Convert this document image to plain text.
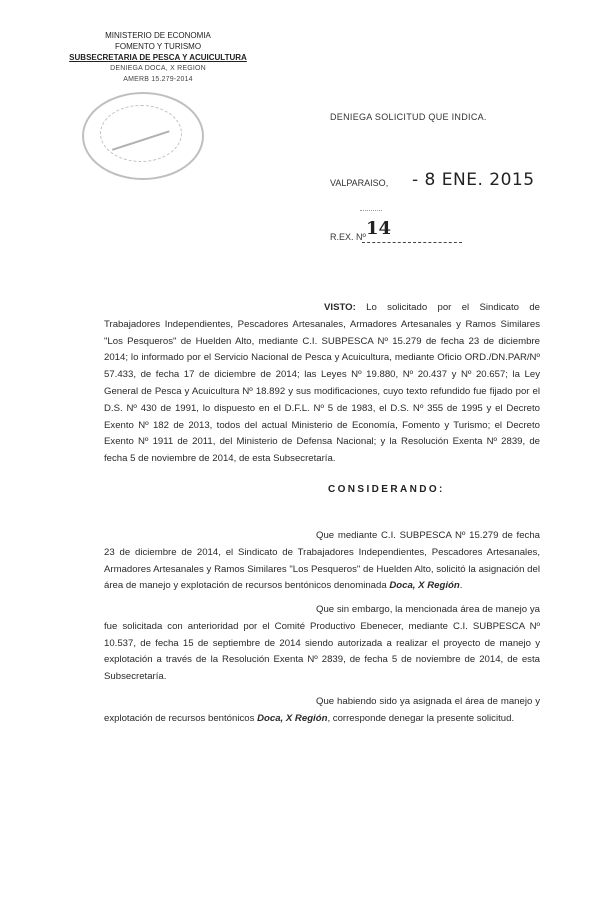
MINISTERIO DE ECONOMIA
FOMENTO Y TURISMO
SUBSECRETARIA DE PESCA Y ACUICULTURA
DENIEGA DOCA, X REGION
AMERB 15.279-2014
DENIEGA SOLICITUD QUE INDICA.
VALPARAISO, - 8 ENE. 2015
R.EX. Nº 14
VISTO: Lo solicitado por el Sindicato de Trabajadores Independientes, Pescadores Artesanales, Armadores Artesanales y Ramos Similares "Los Pesqueros" de Huelden Alto, mediante C.I. SUBPESCA Nº 15.279 de fecha 23 de diciembre 2014; lo informado por el Servicio Nacional de Pesca y Acuicultura, mediante Oficio ORD./DN.PAR/Nº 57.433, de fecha 17 de diciembre de 2014; las Leyes Nº 19.880, Nº 20.437 y Nº 20.657; la Ley General de Pesca y Acuicultura Nº 18.892 y sus modificaciones, cuyo texto refundido fue fijado por el D.S. Nº 430 de 1991, lo dispuesto en el D.F.L. Nº 5 de 1983, el D.S. Nº 355 de 1995 y el Decreto Exento Nº 182 de 2013, todos del actual Ministerio de Economía, Fomento y Turismo; el Decreto Exento Nº 1911 de 2011, del Ministerio de Defensa Nacional; y la Resolución Exenta Nº 2839, de fecha 5 de noviembre de 2014, de esta Subsecretaría.
CONSIDERANDO:
Que mediante C.I. SUBPESCA Nº 15.279 de fecha 23 de diciembre de 2014, el Sindicato de Trabajadores Independientes, Pescadores Artesanales, Armadores Artesanales y Ramos Similares "Los Pesqueros" de Huelden Alto, solicitó la asignación del área de manejo y explotación de recursos bentónicos denominada Doca, X Región.
Que sin embargo, la mencionada área de manejo ya fue solicitada con anterioridad por el Comité Productivo Ebenecer, mediante C.I. SUBPESCA Nº 10.537, de fecha 15 de septiembre de 2014 siendo autorizada a realizar el proyecto de manejo y explotación a través de la Resolución Exenta Nº 2839, de fecha 5 de noviembre de 2014, de esta Subsecretaría.
Que habiendo sido ya asignada el área de manejo y explotación de recursos bentónicos Doca, X Región, corresponde denegar la presente solicitud.
